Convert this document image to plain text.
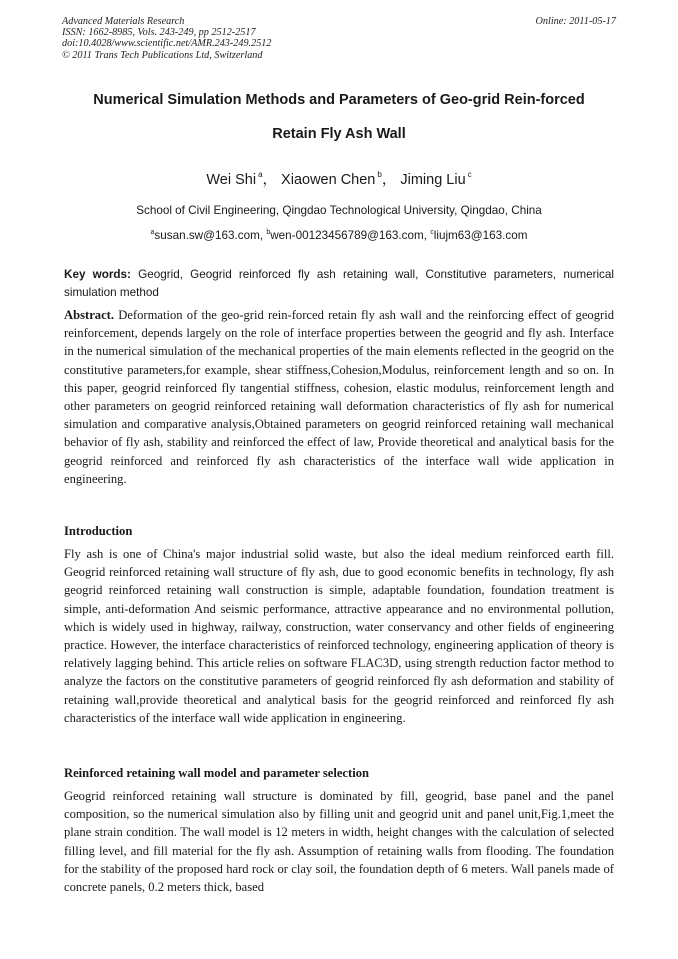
Advanced Materials Research
ISSN: 1662-8985, Vols. 243-249, pp 2512-2517
doi:10.4028/www.scientific.net/AMR.243-249.2512
© 2011 Trans Tech Publications Ltd, Switzerland
Online: 2011-05-17
Numerical Simulation Methods and Parameters of Geo-grid Rein-forced
Retain Fly Ash Wall
Wei Shi $^a$， Xiaowen Chen $^b$， Jiming Liu $^c$
School of Civil Engineering, Qingdao Technological University, Qingdao, China
$^a$susan.sw@163.com, $^b$wen-00123456789@163.com, $^c$liujm63@163.com
Key words: Geogrid, Geogrid reinforced fly ash retaining wall, Constitutive parameters, numerical simulation method
Abstract. Deformation of the geo-grid rein-forced retain fly ash wall and the reinforcing effect of geogrid reinforcement, depends largely on the role of interface properties between the geogrid and fly ash. Interface in the numerical simulation of the mechanical properties of the main elements reflected in the geogrid on the constitutive parameters,for example, shear stiffness,Cohesion,Modulus, reinforcement length and so on. In this paper, geogrid reinforced fly tangential stiffness, cohesion, elastic modulus, reinforcement length and other parameters on geogrid reinforced retaining wall deformation characteristics of fly ash for numerical simulation and comparative analysis,Obtained parameters on geogrid reinforced retaining wall mechanical behavior of fly ash, stability and reinforced the effect of law, Provide theoretical and analytical basis for the geogrid reinforced and reinforced fly ash characteristics of the interface wall wide application in engineering.
Introduction
Fly ash is one of China's major industrial solid waste, but also the ideal medium reinforced earth fill. Geogrid reinforced retaining wall structure of fly ash, due to good economic benefits in technology, fly ash geogrid reinforced retaining wall construction is simple, adaptable foundation, foundation treatment is simple, anti-deformation And seismic performance, attractive appearance and no environmental pollution, which is widely used in highway, railway, construction, water conservancy and other fields of engineering practice. However, the interface characteristics of reinforced technology, engineering application of theory is relatively lagging behind. This article relies on software FLAC3D, using strength reduction factor method to analyze the factors on the constitutive parameters of geogrid reinforced fly ash deformation and stability of retaining wall,provide theoretical and analytical basis for the geogrid reinforced and reinforced fly ash characteristics of the interface wall wide application in engineering.
Reinforced retaining wall model and parameter selection
Geogrid reinforced retaining wall structure is dominated by fill, geogrid, base panel and the panel composition, so the numerical simulation also by filling unit and geogrid unit and panel unit,Fig.1,meet the plane strain condition. The wall model is 12 meters in width, height changes with the calculation of selected filling level, and fill material for the fly ash. Assumption of retaining walls from flooding. The foundation for the stability of the proposed hard rock or clay soil, the foundation depth of 6 meters. Wall panels made of concrete panels, 0.2 meters thick, based
